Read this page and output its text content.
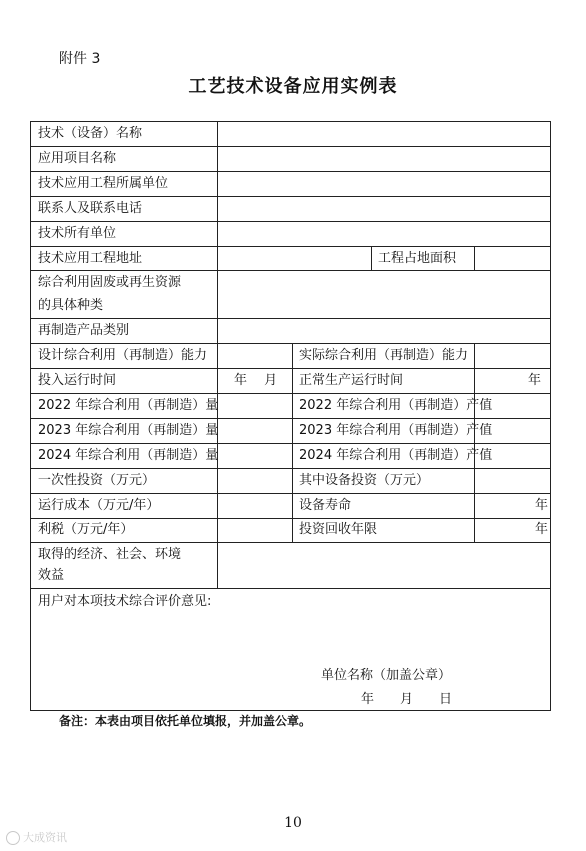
附件 3
工艺技术设备应用实例表
技术（设备）名称
应用项目名称
技术应用工程所属单位
联系人及联系电话
技术所有单位
技术应用工程地址	工程占地面积
综合利用固废或再生资源
的具体种类
再制造产品类别
设计综合利用（再制造）能力	实际综合利用（再制造）能力
投入运行时间	年　 月	正常生产运行时间	年
2022 年综合利用（再制造）量	2022 年综合利用（再制造）产值
2023 年综合利用（再制造）量	2023 年综合利用（再制造）产值
2024 年综合利用（再制造）量	2024 年综合利用（再制造）产值
一次性投资（万元）	其中设备投资（万元）
运行成本（万元/年）	设备寿命	年
利税（万元/年）	投资回收年限	年
取得的经济、社会、环境
效益
用户对本项技术综合评价意见:
单位名称（加盖公章）
年　　月　　日
备注：本表由项目依托单位填报，并加盖公章。
10
大成资讯
